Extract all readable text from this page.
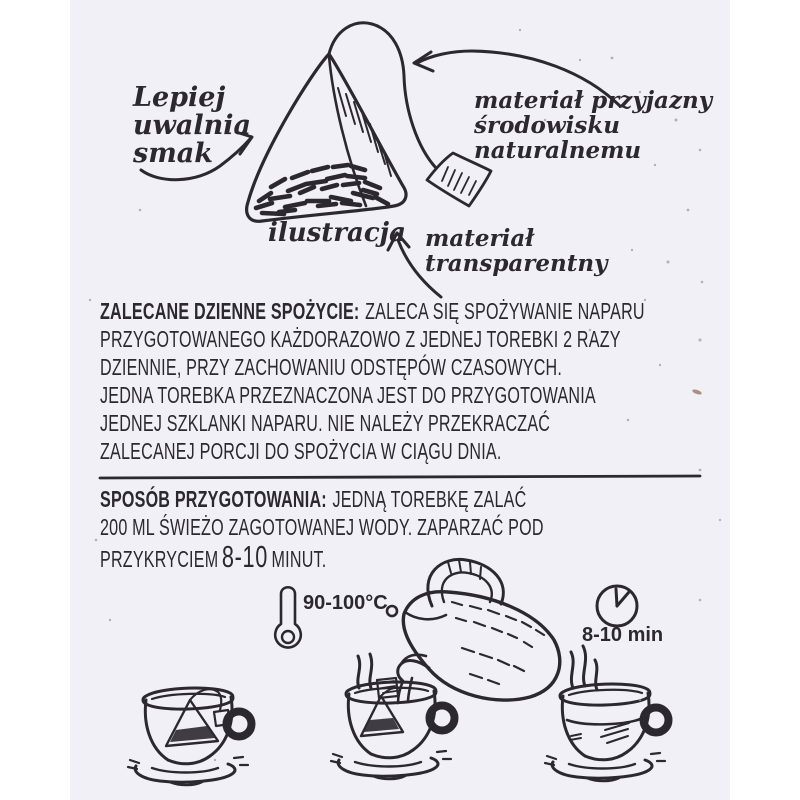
Lepiej
uwalnia
smak
materiał przyjazny
środowisku
naturalnemu
materiał
transparentny
ilustracja
ZALECANE DZIENNE SPOŻYCIE: ZALECA SIĘ SPOŻYWANIE NAPARU
PRZYGOTOWANEGO KAŻDORAZOWO Z JEDNEJ TOREBKI 2 RAZY
DZIENNIE, PRZY ZACHOWANIU ODSTĘPÓW CZASOWYCH.
JEDNA TOREBKA PRZEZNACZONA JEST DO PRZYGOTOWANIA
JEDNEJ SZKLANKI NAPARU. NIE NALEŻY PRZEKRACZAĆ
ZALECANEJ PORCJI DO SPOŻYCIA W CIĄGU DNIA.
SPOSÓB PRZYGOTOWANIA: JEDNĄ TOREBKĘ ZALAĆ
200 ML ŚWIEŻO ZAGOTOWANEJ WODY. ZAPARZAĆ POD
PRZYKRYCIEM 8-10 MINUT.
90-100°C
8-10 min
